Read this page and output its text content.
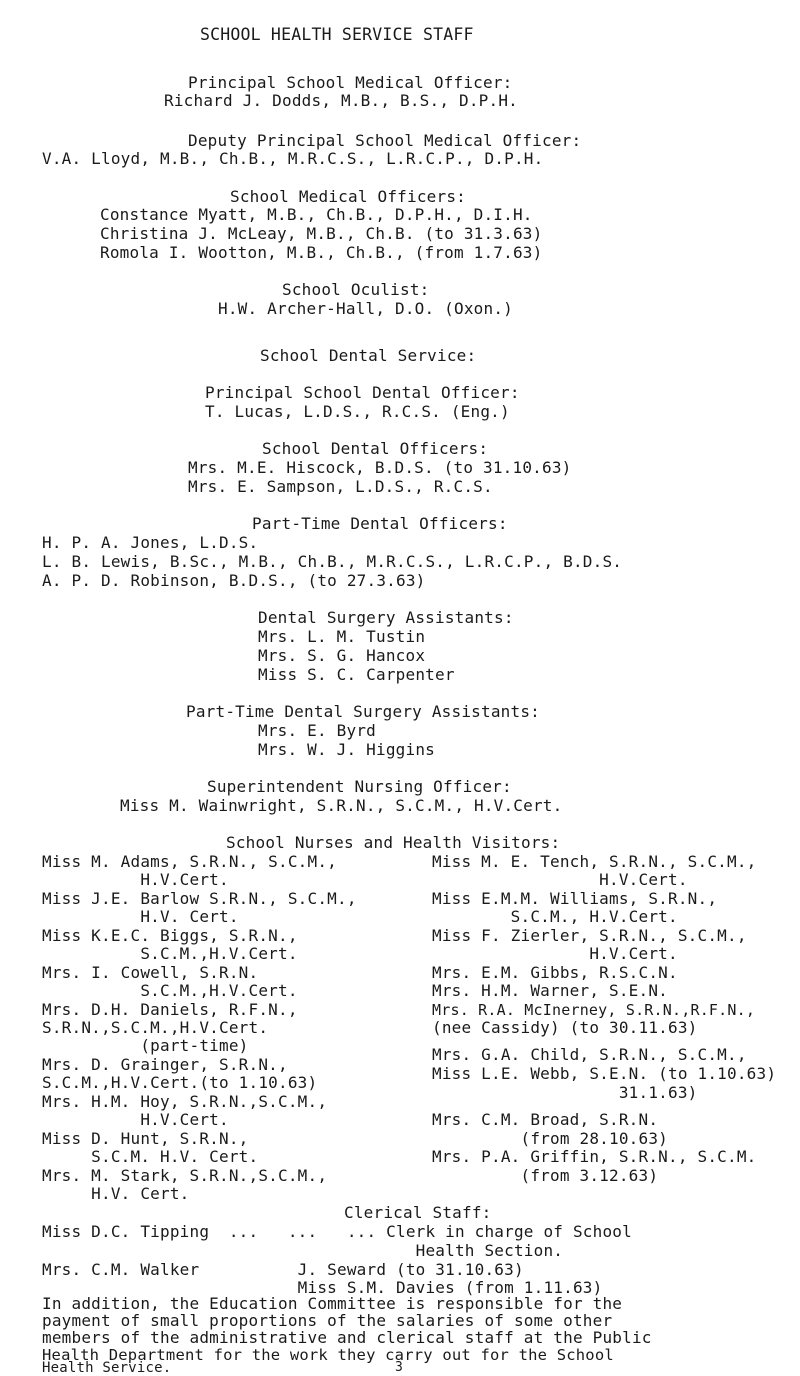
SCHOOL HEALTH SERVICE STAFF
Principal School Medical Officer:
Richard J. Dodds, M.B., B.S., D.P.H.
Deputy Principal School Medical Officer:
V.A. Lloyd, M.B., Ch.B., M.R.C.S., L.R.C.P., D.P.H.
School Medical Officers:
Constance Myatt, M.B., Ch.B., D.P.H., D.I.H.
Christina J. McLeay, M.B., Ch.B. (to 31.3.63)
Romola I. Wootton, M.B., Ch.B., (from 1.7.63)
School Oculist:
H.W. Archer-Hall, D.O. (Oxon.)
School Dental Service:
Principal School Dental Officer:
T. Lucas, L.D.S., R.C.S. (Eng.)
School Dental Officers:
Mrs. M.E. Hiscock, B.D.S. (to 31.10.63)
Mrs. E. Sampson, L.D.S., R.C.S.
Part-Time Dental Officers:
H. P. A. Jones, L.D.S.
L. B. Lewis, B.Sc., M.B., Ch.B., M.R.C.S., L.R.C.P., B.D.S.
A. P. D. Robinson, B.D.S., (to 27.3.63)
Dental Surgery Assistants:
Mrs. L. M. Tustin
Mrs. S. G. Hancox
Miss S. C. Carpenter
Part-Time Dental Surgery Assistants:
Mrs. E. Byrd
Mrs. W. J. Higgins
Superintendent Nursing Officer:
Miss M. Wainwright, S.R.N., S.C.M., H.V.Cert.
School Nurses and Health Visitors:
Miss M. Adams, S.R.N., S.C.M.,
H.V.Cert.
Miss J.E. Barlow S.R.N., S.C.M.,
H.V. Cert.
Miss K.E.C. Biggs, S.R.N.,
S.C.M.,H.V.Cert.
Mrs. I. Cowell, S.R.N.
S.C.M.,H.V.Cert.
Mrs. D.H. Daniels, R.F.N.,
S.R.N.,S.C.M.,H.V.Cert.
(part-time)
Mrs. D. Grainger, S.R.N.,
S.C.M.,H.V.Cert.(to 1.10.63)
Mrs. H.M. Hoy, S.R.N.,S.C.M.,
H.V.Cert.
Miss D. Hunt, S.R.N.,
S.C.M. H.V. Cert.
Mrs. M. Stark, S.R.N.,S.C.M.,
H.V. Cert.
Miss M. E. Tench, S.R.N., S.C.M.,
H.V.Cert.
Miss E.M.M. Williams, S.R.N.,
S.C.M., H.V.Cert.
Miss F. Zierler, S.R.N., S.C.M.,
H.V.Cert.
Mrs. E.M. Gibbs, R.S.C.N.
Mrs. H.M. Warner, S.E.N.
Mrs. R.A. McInerney, S.R.N.,R.F.N.,
(nee Cassidy) (to 30.11.63)
Mrs. G.A. Child, S.R.N., S.C.M.,
Miss L.E. Webb, S.E.N. (to 1.10.63)
31.1.63)
Mrs. C.M. Broad, S.R.N.
(from 28.10.63)
Mrs. P.A. Griffin, S.R.N., S.C.M.
(from 3.12.63)
Clerical Staff:
Miss D.C. Tipping  ...   ...   ... Clerk in charge of School
Health Section.
Mrs. C.M. Walker          J. Seward (to 31.10.63)
Miss S.M. Davies (from 1.11.63)
In addition, the Education Committee is responsible for the
payment of small proportions of the salaries of some other
members of the administrative and clerical staff at the Public
Health Department for the work they carry out for the School
Health Service.	3
